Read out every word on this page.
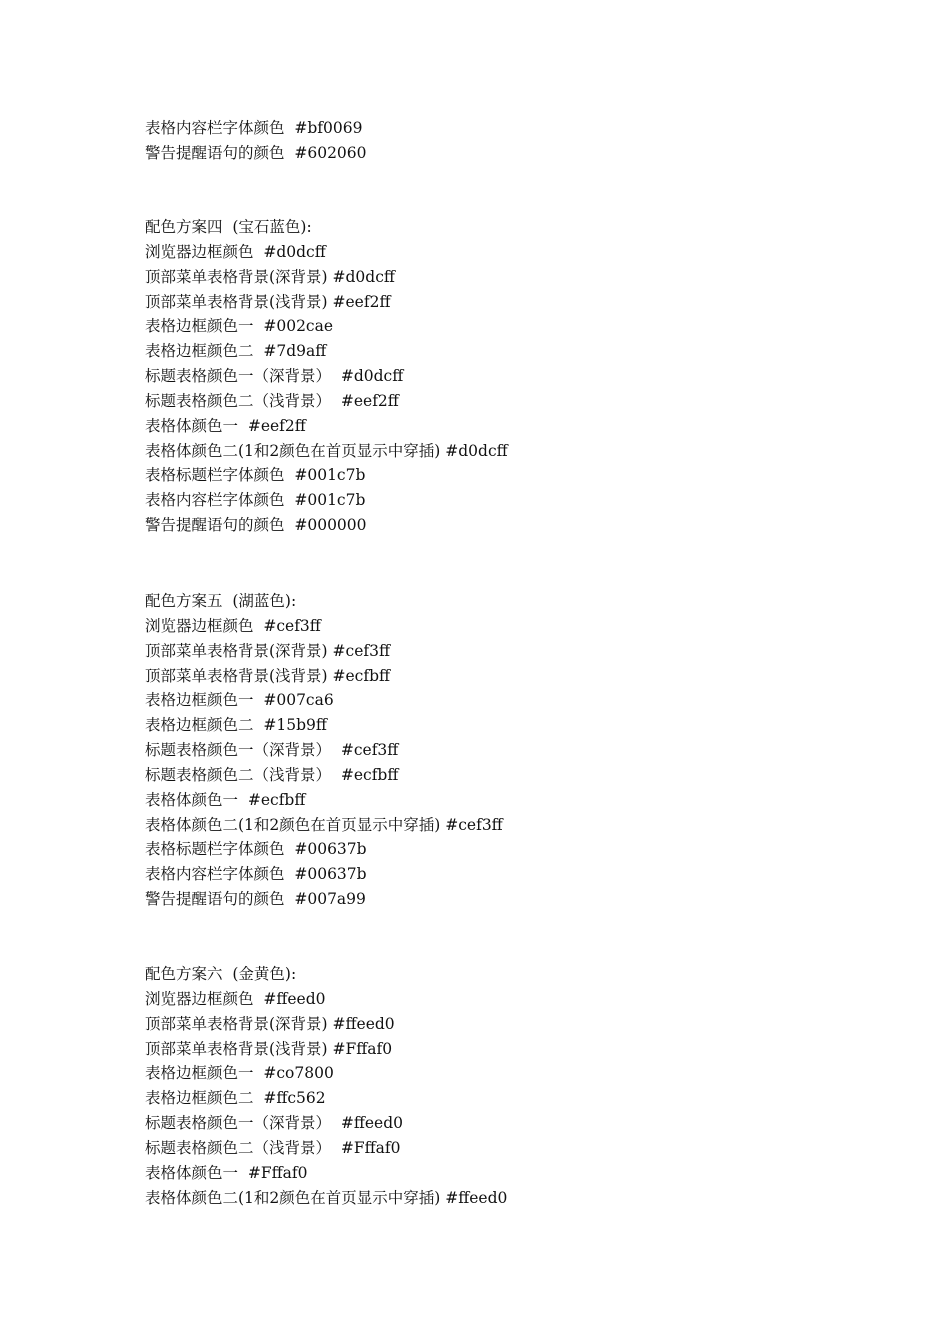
表格内容栏字体颜色  #bf0069
警告提醒语句的颜色  #602060
配色方案四  (宝石蓝色):
浏览器边框颜色  #d0dcff
顶部菜单表格背景(深背景) #d0dcff
顶部菜单表格背景(浅背景) #eef2ff
表格边框颜色一  #002cae
表格边框颜色二  #7d9aff
标题表格颜色一（深背景）  #d0dcff
标题表格颜色二（浅背景）  #eef2ff
表格体颜色一  #eef2ff
表格体颜色二(1和2颜色在首页显示中穿插) #d0dcff
表格标题栏字体颜色  #001c7b
表格内容栏字体颜色  #001c7b
警告提醒语句的颜色  #000000
配色方案五  (湖蓝色):
浏览器边框颜色  #cef3ff
顶部菜单表格背景(深背景) #cef3ff
顶部菜单表格背景(浅背景) #ecfbff
表格边框颜色一  #007ca6
表格边框颜色二  #15b9ff
标题表格颜色一（深背景）  #cef3ff
标题表格颜色二（浅背景）  #ecfbff
表格体颜色一  #ecfbff
表格体颜色二(1和2颜色在首页显示中穿插) #cef3ff
表格标题栏字体颜色  #00637b
表格内容栏字体颜色  #00637b
警告提醒语句的颜色  #007a99
配色方案六  (金黄色):
浏览器边框颜色  #ffeed0
顶部菜单表格背景(深背景) #ffeed0
顶部菜单表格背景(浅背景) #Fffaf0
表格边框颜色一  #co7800
表格边框颜色二  #ffc562
标题表格颜色一（深背景）  #ffeed0
标题表格颜色二（浅背景）  #Fffaf0
表格体颜色一  #Fffaf0
表格体颜色二(1和2颜色在首页显示中穿插) #ffeed0
